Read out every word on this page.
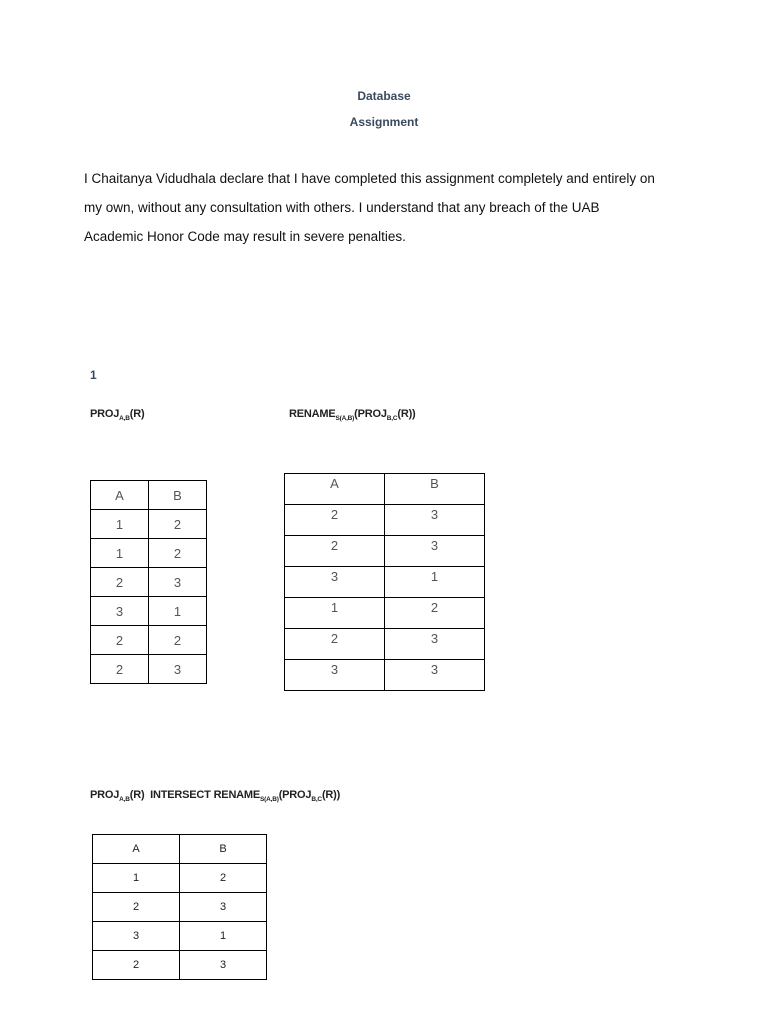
Database
Assignment
I Chaitanya Vidudhala declare that I have completed this assignment completely and entirely on
my own, without any consultation with others. I understand that any breach of the UAB
Academic Honor Code may result in severe penalties.
1
$PROJ_{A,B}(R)$	$RENAME_{S(A,B)}(PROJ_{B,C}(R))$
A	B
1	2
1	2
2	3
3	1
2	2
2	3
A	B
2	3
2	3
3	1
1	2
2	3
3	3
$PROJ_{A,B}(R)$ INTERSECT $RENAME_{S(A,B)}(PROJ_{B,C}(R))$
A	B
1	2
2	3
3	1
2	3
